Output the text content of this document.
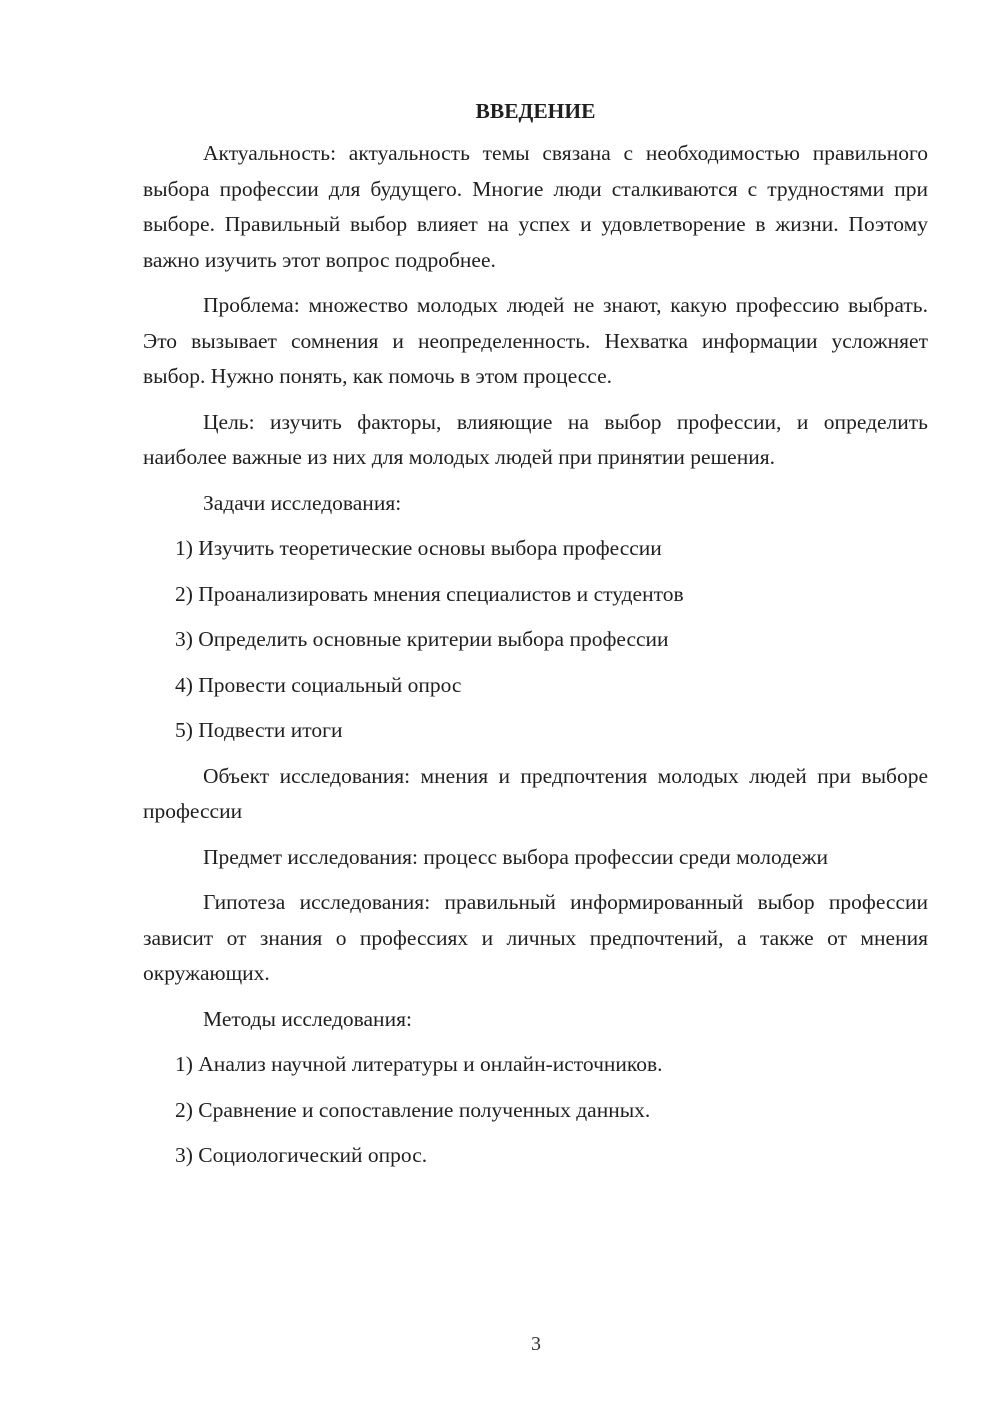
ВВЕДЕНИЕ

Актуальность: актуальность темы связана с необходимостью правильного выбора профессии для будущего. Многие люди сталкиваются с трудностями при выборе. Правильный выбор влияет на успех и удовлетворение в жизни. Поэтому важно изучить этот вопрос подробнее.

Проблема: множество молодых людей не знают, какую профессию выбрать. Это вызывает сомнения и неопределенность. Нехватка информации усложняет выбор. Нужно понять, как помочь в этом процессе.

Цель: изучить факторы, влияющие на выбор профессии, и определить наиболее важные из них для молодых людей при принятии решения.

Задачи исследования:

1) Изучить теоретические основы выбора профессии
2) Проанализировать мнения специалистов и студентов
3) Определить основные критерии выбора профессии
4) Провести социальный опрос
5) Подвести итоги

Объект исследования: мнения и предпочтения молодых людей при выборе профессии

Предмет исследования: процесс выбора профессии среди молодежи

Гипотеза исследования: правильный информированный выбор профессии зависит от знания о профессиях и личных предпочтений, а также от мнения окружающих.

Методы исследования:

1) Анализ научной литературы и онлайн-источников.
2) Сравнение и сопоставление полученных данных.
3) Социологический опрос.
3
